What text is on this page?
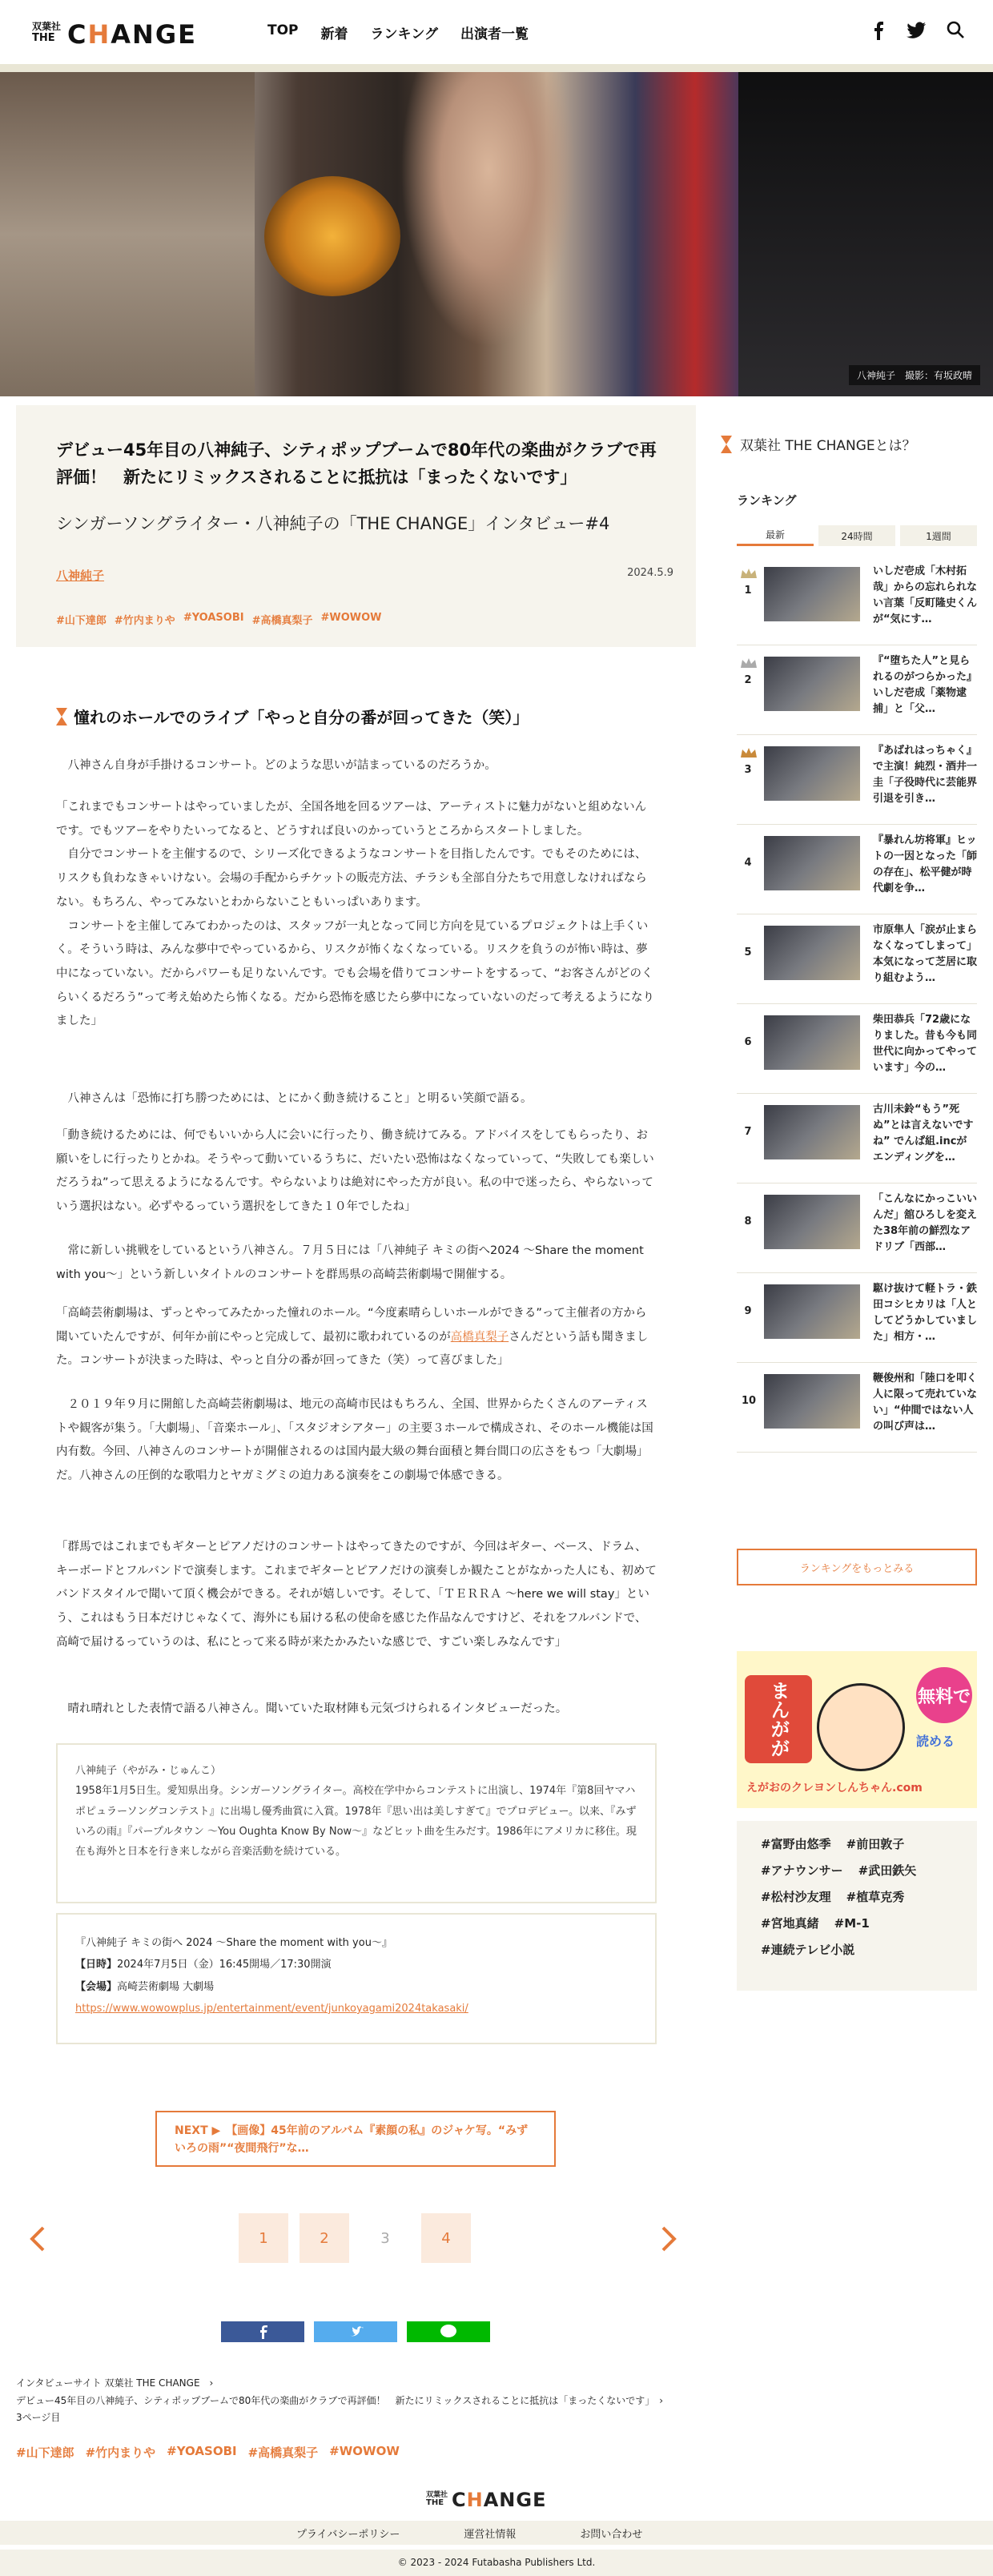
双葉社
THE CHANGE	TOP 新着 ランキング 出演者一覧
八神純子　撮影：有坂政晴
デビュー45年目の八神純子、シティポップブームで80年代の楽曲がクラブで再評価！　新たにリミックスされることに抵抗は「まったくないです」
シンガーソングライター・八神純子の「THE CHANGE」インタビュー#4
八神純子	2024.5.9
#山下達郎 #竹内まりや #YOASOBI #高橋真梨子 #WOWOW
憧れのホールでのライブ「やっと自分の番が回ってきた（笑）」
　八神さん自身が手掛けるコンサート。どのような思いが詰まっているのだろうか。
「これまでもコンサートはやっていましたが、全国各地を回るツアーは、アーティストに魅力がないと組めないんです。でもツアーをやりたいってなると、どうすれば良いのかっていうところからスタートしました。
　自分でコンサートを主催するので、シリーズ化できるようなコンサートを目指したんです。でもそのためには、リスクも負わなきゃいけない。会場の手配からチケットの販売方法、チラシも全部自分たちで用意しなければならない。もちろん、やってみないとわからないこともいっぱいあります。
　コンサートを主催してみてわかったのは、スタッフが一丸となって同じ方向を見ているプロジェクトは上手くいく。そういう時は、みんな夢中でやっているから、リスクが怖くなくなっている。リスクを負うのが怖い時は、夢中になっていない。だからパワーも足りないんです。でも会場を借りてコンサートをするって、“お客さんがどのくらいくるだろう”って考え始めたら怖くなる。だから恐怖を感じたら夢中になっていないのだって考えるようになりました」
　八神さんは「恐怖に打ち勝つためには、とにかく動き続けること」と明るい笑顔で語る。
「動き続けるためには、何でもいいから人に会いに行ったり、働き続けてみる。アドバイスをしてもらったり、お願いをしに行ったりとかね。そうやって動いているうちに、だいたい恐怖はなくなっていって、“失敗しても楽しいだろうね”って思えるようになるんです。やらないよりは絶対にやった方が良い。私の中で迷ったら、やらないっていう選択はない。必ずやるっていう選択をしてきた１０年でしたね」
　常に新しい挑戦をしているという八神さん。７月５日には「八神純子 キミの街へ2024 〜Share the moment with you〜」という新しいタイトルのコンサートを群馬県の高崎芸術劇場で開催する。
「高崎芸術劇場は、ずっとやってみたかった憧れのホール。“今度素晴らしいホールができる”って主催者の方から聞いていたんですが、何年か前にやっと完成して、最初に歌われているのが高橋真梨子さんだという話も聞きました。コンサートが決まった時は、やっと自分の番が回ってきた（笑）って喜びました」
　２０１９年９月に開館した高崎芸術劇場は、地元の高崎市民はもちろん、全国、世界からたくさんのアーティストや観客が集う。「大劇場」、「音楽ホール」、「スタジオシアター」の主要３ホールで構成され、そのホール機能は国内有数。今回、八神さんのコンサートが開催されるのは国内最大級の舞台面積と舞台間口の広さをもつ「大劇場」だ。八神さんの圧倒的な歌唱力とヤガミグミの迫力ある演奏をこの劇場で体感できる。
「群馬ではこれまでもギターとピアノだけのコンサートはやってきたのですが、今回はギター、ベース、ドラム、キーボードとフルバンドで演奏します。これまでギターとピアノだけの演奏しか観たことがなかった人にも、初めてバンドスタイルで聞いて頂く機会ができる。それが嬉しいです。そして、「ＴＥＲＲＡ ～here we will stay」という、これはもう日本だけじゃなくて、海外にも届ける私の使命を感じた作品なんですけど、それをフルバンドで、高崎で届けるっていうのは、私にとって来る時が来たかみたいな感じで、すごい楽しみなんです」
　晴れ晴れとした表情で語る八神さん。聞いていた取材陣も元気づけられるインタビューだった。
八神純子（やがみ・じゅんこ）
1958年1月5日生。愛知県出身。シンガーソングライター。高校在学中からコンテストに出演し、1974年『第8回ヤマハポピュラーソングコンテスト』に出場し優秀曲賞に入賞。1978年『思い出は美しすぎて』でプロデビュー。以来、『みずいろの雨』『パープルタウン 〜You Oughta Know By Now〜』などヒット曲を生みだす。1986年にアメリカに移住。現在も海外と日本を行き来しながら音楽活動を続けている。
『八神純子 キミの街へ 2024 〜Share the moment with you〜』
【日時】2024年7月5日（金）16:45開場／17:30開演
【会場】高崎芸術劇場 大劇場
https://www.wowowplus.jp/entertainment/event/junkoyagami2024takasaki/
NEXT ▶　【画像】45年前のアルバム『素顔の私』のジャケ写。“みずいろの雨”“夜間飛行”な…
1	2	3	4
インタビューサイト 双葉社 THE CHANGE　›
デビュー45年目の八神純子、シティポップブームで80年代の楽曲がクラブで再評価！　新たにリミックスされることに抵抗は「まったくないです」　›
3ページ目
#山下達郎 #竹内まりや #YOASOBI #高橋真梨子 #WOWOW
双葉社
THE CHANGE
プライバシーポリシー	運営社情報	お問い合わせ
© 2023 - 2024 Futabasha Publishers Ltd.
双葉社 THE CHANGEとは？
ランキング
最新	24時間	1週間
1
いしだ壱成「木村拓哉」からの忘れられない言葉「反町隆史くんが“気にす…
2
『“堕ちた人”と見られるのがつらかった』いしだ壱成「薬物逮捕」と「父…
3
『あばれはっちゃく』で主演！純烈・酒井一圭「子役時代に芸能界引退を引き…
4
『暴れん坊将軍』ヒットの一因となった「師の存在」、松平健が時代劇を争…
5
市原隼人「涙が止まらなくなってしまって」本気になって芝居に取り組むよう…
6
柴田恭兵「72歳になりました。昔も今も同世代に向かってやっています」今の…
7
古川未鈴“もう”死ぬ”とは言えないですね” でんぱ組.incがエンディングを…
8
「こんなにかっこいいんだ」舘ひろしを変えた38年前の鮮烈なアドリブ「西部…
9
駆け抜けて軽トラ・鉄田コシヒカリは「人としてどうかしていました」相方・…
10
鞭俊州和「陸口を叩く人に限って売れていない」“仲間ではない人の叫び声は…
ランキングをもっとみる
まんがが	無料で
読める
えがおのクレヨンしんちゃん.com
#富野由悠季 #前田敦子 #アナウンサー #武田鉄矢 #松村沙友理 #植草克秀 #宮地真緒 #M-1 #連続テレビ小説
